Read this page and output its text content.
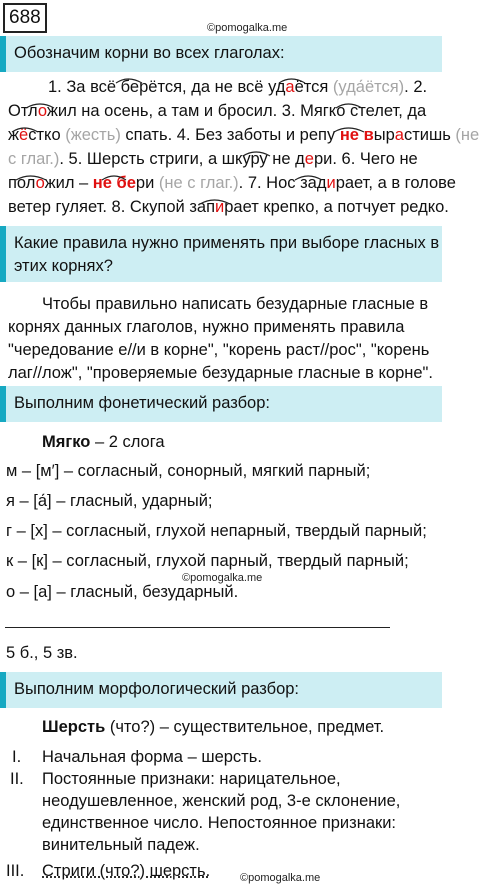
688	©pomogalka.me
Обозначим корни во всех глаголах:
1. За всё берётся, да не всё удаётся (уда́ётся). 2.
Отложил на осень, а там и бросил. 3. Мягко стелет, да
жёстко (жесть) спать. 4. Без заботы и репу не вырастишь (не
с глаг.). 5. Шерсть стриги, а шкуру не дери. 6. Чего не
положил – не бери (не с глаг.). 7. Нос задирает, а в голове
ветер гуляет. 8. Скупой запирает крепко, а потчует редко.
Какие правила нужно применять при выборе гласных в этих корнях?
Чтобы правильно написать безударные гласные в
корнях данных глаголов, нужно применять правила
"чередование е//и в корне", "корень раст//рос", "корень
лаг//лож", "проверяемые безударные гласные в корне".
Выполним фонетический разбор:
Мягко – 2 слога
м – [м′] – согласный, сонорный, мягкий парный;
я – [а́] – гласный, ударный;
г – [х] – согласный, глухой непарный, твердый парный;
к – [к] – согласный, глухой парный, твердый парный;
©pomogalka.me
о – [а] – гласный, безударный.
5 б., 5 зв.
Выполним морфологический разбор:
Шерсть (что?) – существительное, предмет.
I. Начальная форма – шерсть.
II. Постоянные признаки: нарицательное,
неодушевленное, женский род, 3-е склонение,
единственное число. Непостоянное признаки:
винительный падеж.
III. Стриги (что?) шерсть.	©pomogalka.me
